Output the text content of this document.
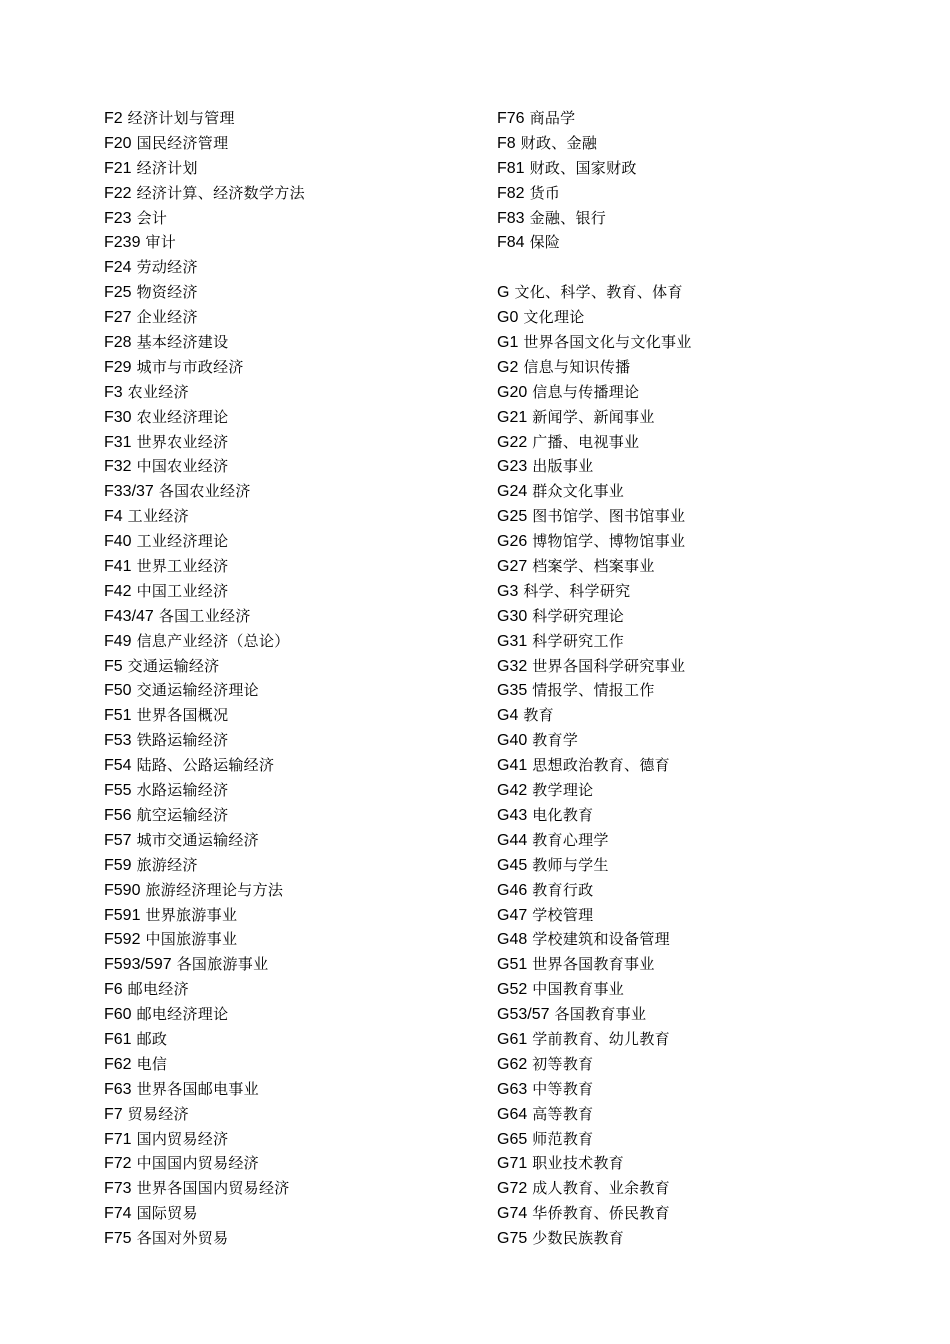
F2 经济计划与管理
F20 国民经济管理
F21 经济计划
F22 经济计算、经济数学方法
F23 会计
F239 审计
F24 劳动经济
F25 物资经济
F27 企业经济
F28 基本经济建设
F29 城市与市政经济
F3 农业经济
F30 农业经济理论
F31 世界农业经济
F32 中国农业经济
F33/37 各国农业经济
F4 工业经济
F40 工业经济理论
F41 世界工业经济
F42 中国工业经济
F43/47 各国工业经济
F49 信息产业经济（总论）
F5 交通运输经济
F50 交通运输经济理论
F51 世界各国概况
F53 铁路运输经济
F54 陆路、公路运输经济
F55 水路运输经济
F56 航空运输经济
F57 城市交通运输经济
F59 旅游经济
F590 旅游经济理论与方法
F591 世界旅游事业
F592 中国旅游事业
F593/597 各国旅游事业
F6 邮电经济
F60 邮电经济理论
F61 邮政
F62 电信
F63 世界各国邮电事业
F7 贸易经济
F71 国内贸易经济
F72 中国国内贸易经济
F73 世界各国国内贸易经济
F74 国际贸易
F75 各国对外贸易
F76 商品学
F8 财政、金融
F81 财政、国家财政
F82 货币
F83 金融、银行
F84 保险
G 文化、科学、教育、体育
G0 文化理论
G1 世界各国文化与文化事业
G2 信息与知识传播
G20 信息与传播理论
G21 新闻学、新闻事业
G22 广播、电视事业
G23 出版事业
G24 群众文化事业
G25 图书馆学、图书馆事业
G26 博物馆学、博物馆事业
G27 档案学、档案事业
G3 科学、科学研究
G30 科学研究理论
G31 科学研究工作
G32 世界各国科学研究事业
G35 情报学、情报工作
G4 教育
G40 教育学
G41 思想政治教育、德育
G42 教学理论
G43 电化教育
G44 教育心理学
G45 教师与学生
G46 教育行政
G47 学校管理
G48 学校建筑和设备管理
G51 世界各国教育事业
G52 中国教育事业
G53/57 各国教育事业
G61 学前教育、幼儿教育
G62 初等教育
G63 中等教育
G64 高等教育
G65 师范教育
G71 职业技术教育
G72 成人教育、业余教育
G74 华侨教育、侨民教育
G75 少数民族教育
